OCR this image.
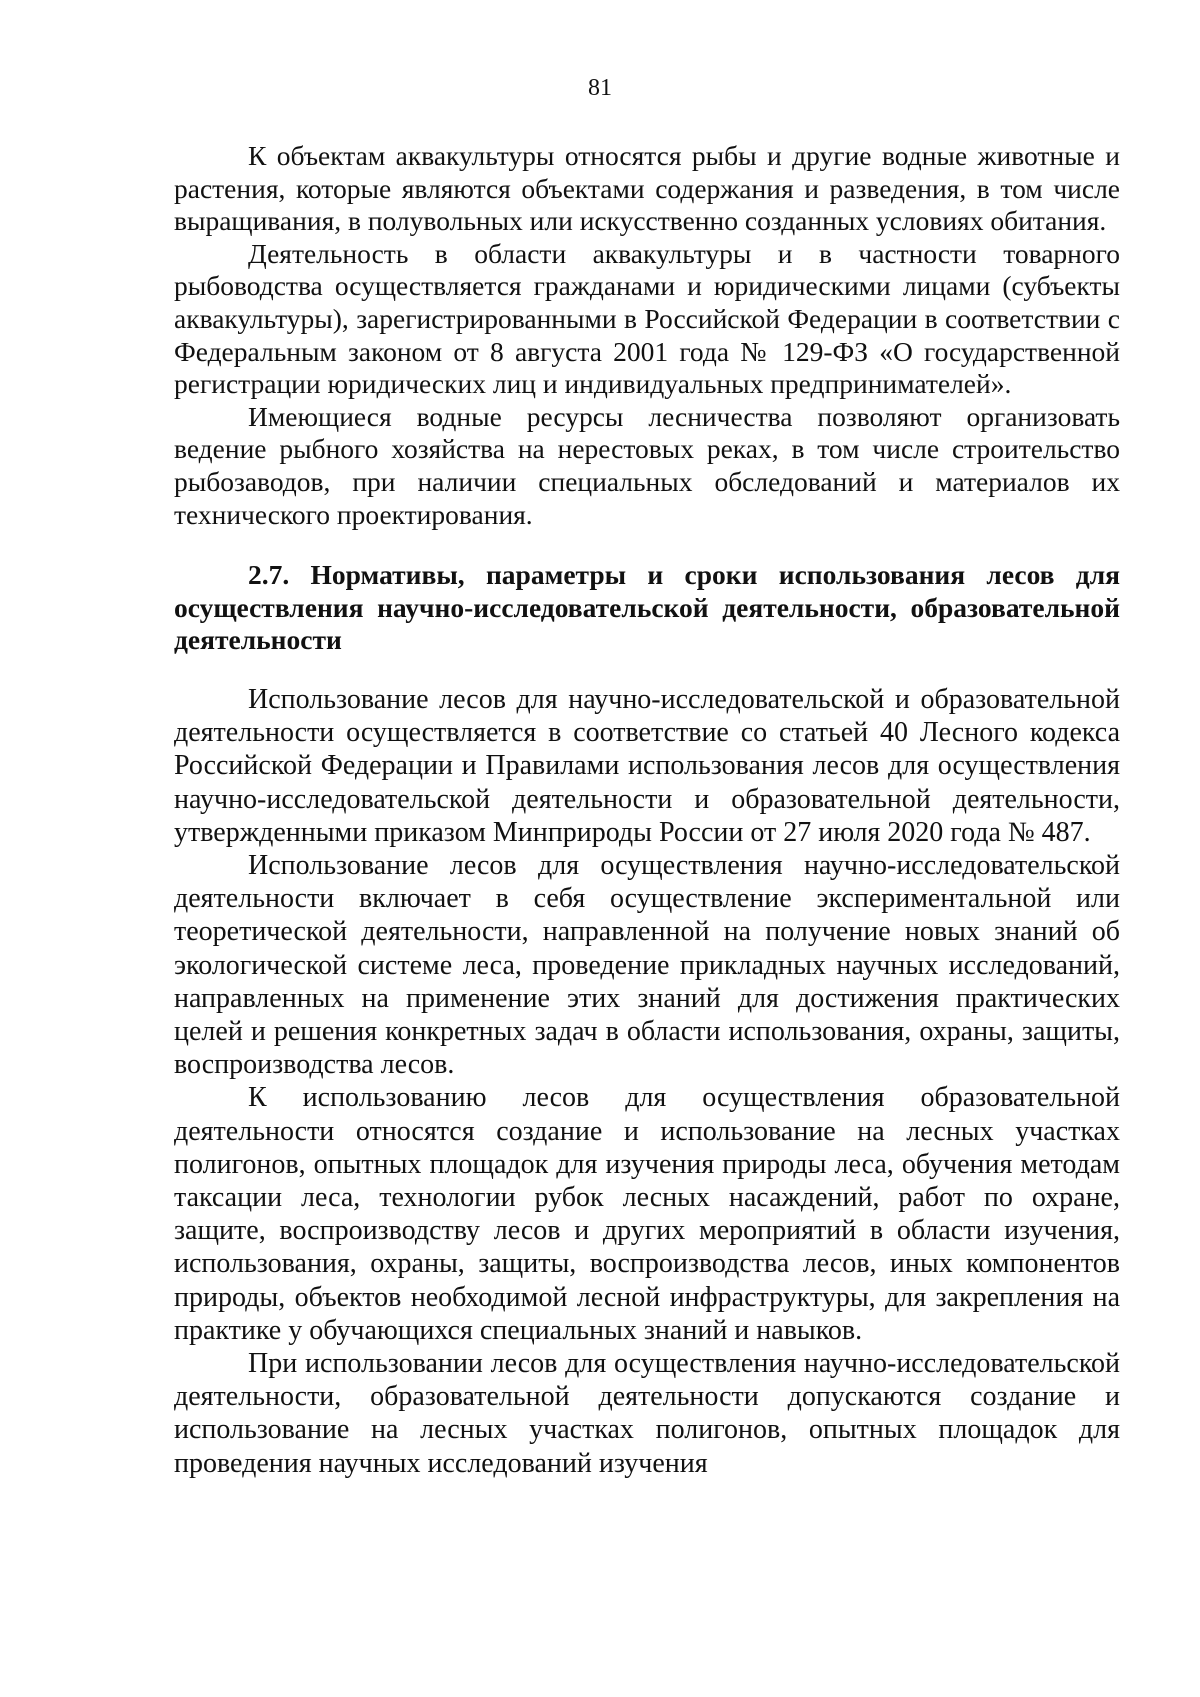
81

К объектам аквакультуры относятся рыбы и другие водные животные и растения, которые являются объектами содержания и разведения, в том числе выращивания, в полувольных или искусственно созданных условиях обитания.

Деятельность в области аквакультуры и в частности товарного рыбоводства осуществляется гражданами и юридическими лицами (субъекты аквакультуры), зарегистрированными в Российской Федерации в соответствии с Федеральным законом от 8 августа 2001 года № 129-ФЗ «О государственной регистрации юридических лиц и индивидуальных предпринимателей».

Имеющиеся водные ресурсы лесничества позволяют организовать ведение рыбного хозяйства на нерестовых реках, в том числе строительство рыбозаводов, при наличии специальных обследований и материалов их технического проектирования.

2.7. Нормативы, параметры и сроки использования лесов для осуществления научно-исследовательской деятельности, образовательной деятельности

Использование лесов для научно-исследовательской и образовательной деятельности осуществляется в соответствие со статьей 40 Лесного кодекса Российской Федерации и Правилами использования лесов для осуществления научно-исследовательской деятельности и образовательной деятельности, утвержденными приказом Минприроды России от 27 июля 2020 года № 487.

Использование лесов для осуществления научно-исследовательской деятельности включает в себя осуществление экспериментальной или теоретической деятельности, направленной на получение новых знаний об экологической системе леса, проведение прикладных научных исследований, направленных на применение этих знаний для достижения практических целей и решения конкретных задач в области использования, охраны, защиты, воспроизводства лесов.

К использованию лесов для осуществления образовательной деятельности относятся создание и использование на лесных участках полигонов, опытных площадок для изучения природы леса, обучения методам таксации леса, технологии рубок лесных насаждений, работ по охране, защите, воспроизводству лесов и других мероприятий в области изучения, использования, охраны, защиты, воспроизводства лесов, иных компонентов природы, объектов необходимой лесной инфраструктуры, для закрепления на практике у обучающихся специальных знаний и навыков.

При использовании лесов для осуществления научно-исследовательской деятельности, образовательной деятельности допускаются создание и использование на лесных участках полигонов, опытных площадок для проведения научных исследований изучения
